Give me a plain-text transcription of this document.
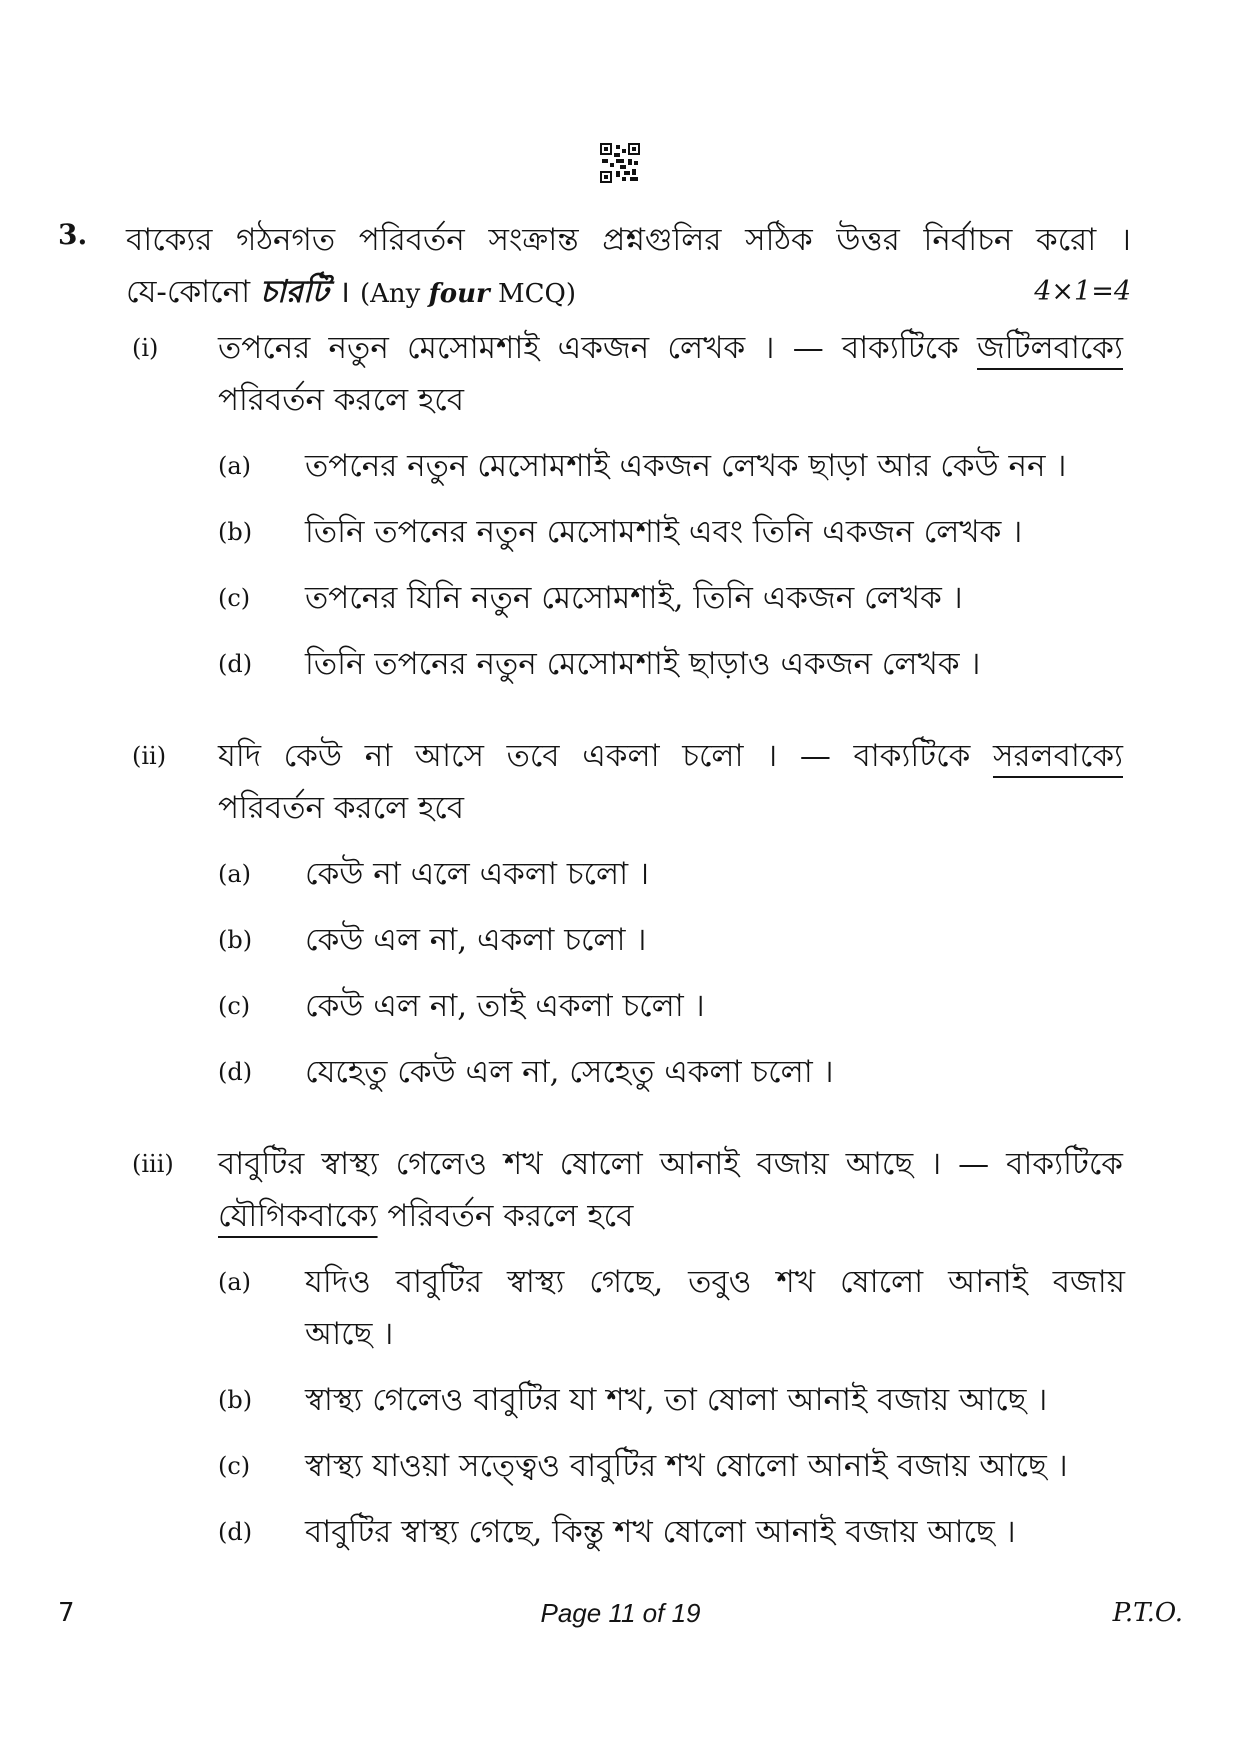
3. বাক্যের গঠনগত পরিবর্তন সংক্রান্ত প্রশ্নগুলির সঠিক উত্তর নির্বাচন করো ।
যে-কোনো চারটি । (Any four MCQ)	4×1=4
(i)	তপনের নতুন মেসোমশাই একজন লেখক । — বাক্যটিকে জটিলবাক্যে
পরিবর্তন করলে হবে
(a)	তপনের নতুন মেসোমশাই একজন লেখক ছাড়া আর কেউ নন ।
(b)	তিনি তপনের নতুন মেসোমশাই এবং তিনি একজন লেখক ।
(c)	তপনের যিনি নতুন মেসোমশাই, তিনি একজন লেখক ।
(d)	তিনি তপনের নতুন মেসোমশাই ছাড়াও একজন লেখক ।
(ii)	যদি কেউ না আসে তবে একলা চলো । — বাক্যটিকে সরলবাক্যে
পরিবর্তন করলে হবে
(a)	কেউ না এলে একলা চলো ।
(b)	কেউ এল না, একলা চলো ।
(c)	কেউ এল না, তাই একলা চলো ।
(d)	যেহেতু কেউ এল না, সেহেতু একলা চলো ।
(iii)	বাবুটির স্বাস্থ্য গেলেও শখ ষোলো আনাই বজায় আছে । — বাক্যটিকে
যৌগিকবাক্যে পরিবর্তন করলে হবে
(a)	যদিও বাবুটির স্বাস্থ্য গেছে, তবুও শখ ষোলো আনাই বজায়
আছে ।
(b)	স্বাস্থ্য গেলেও বাবুটির যা শখ, তা ষোলা আনাই বজায় আছে ।
(c)	স্বাস্থ্য যাওয়া সত্ত্বেও বাবুটির শখ ষোলো আনাই বজায় আছে ।
(d)	বাবুটির স্বাস্থ্য গেছে, কিন্তু শখ ষোলো আনাই বজায় আছে ।
Page 11 of 19
7	P.T.O.
